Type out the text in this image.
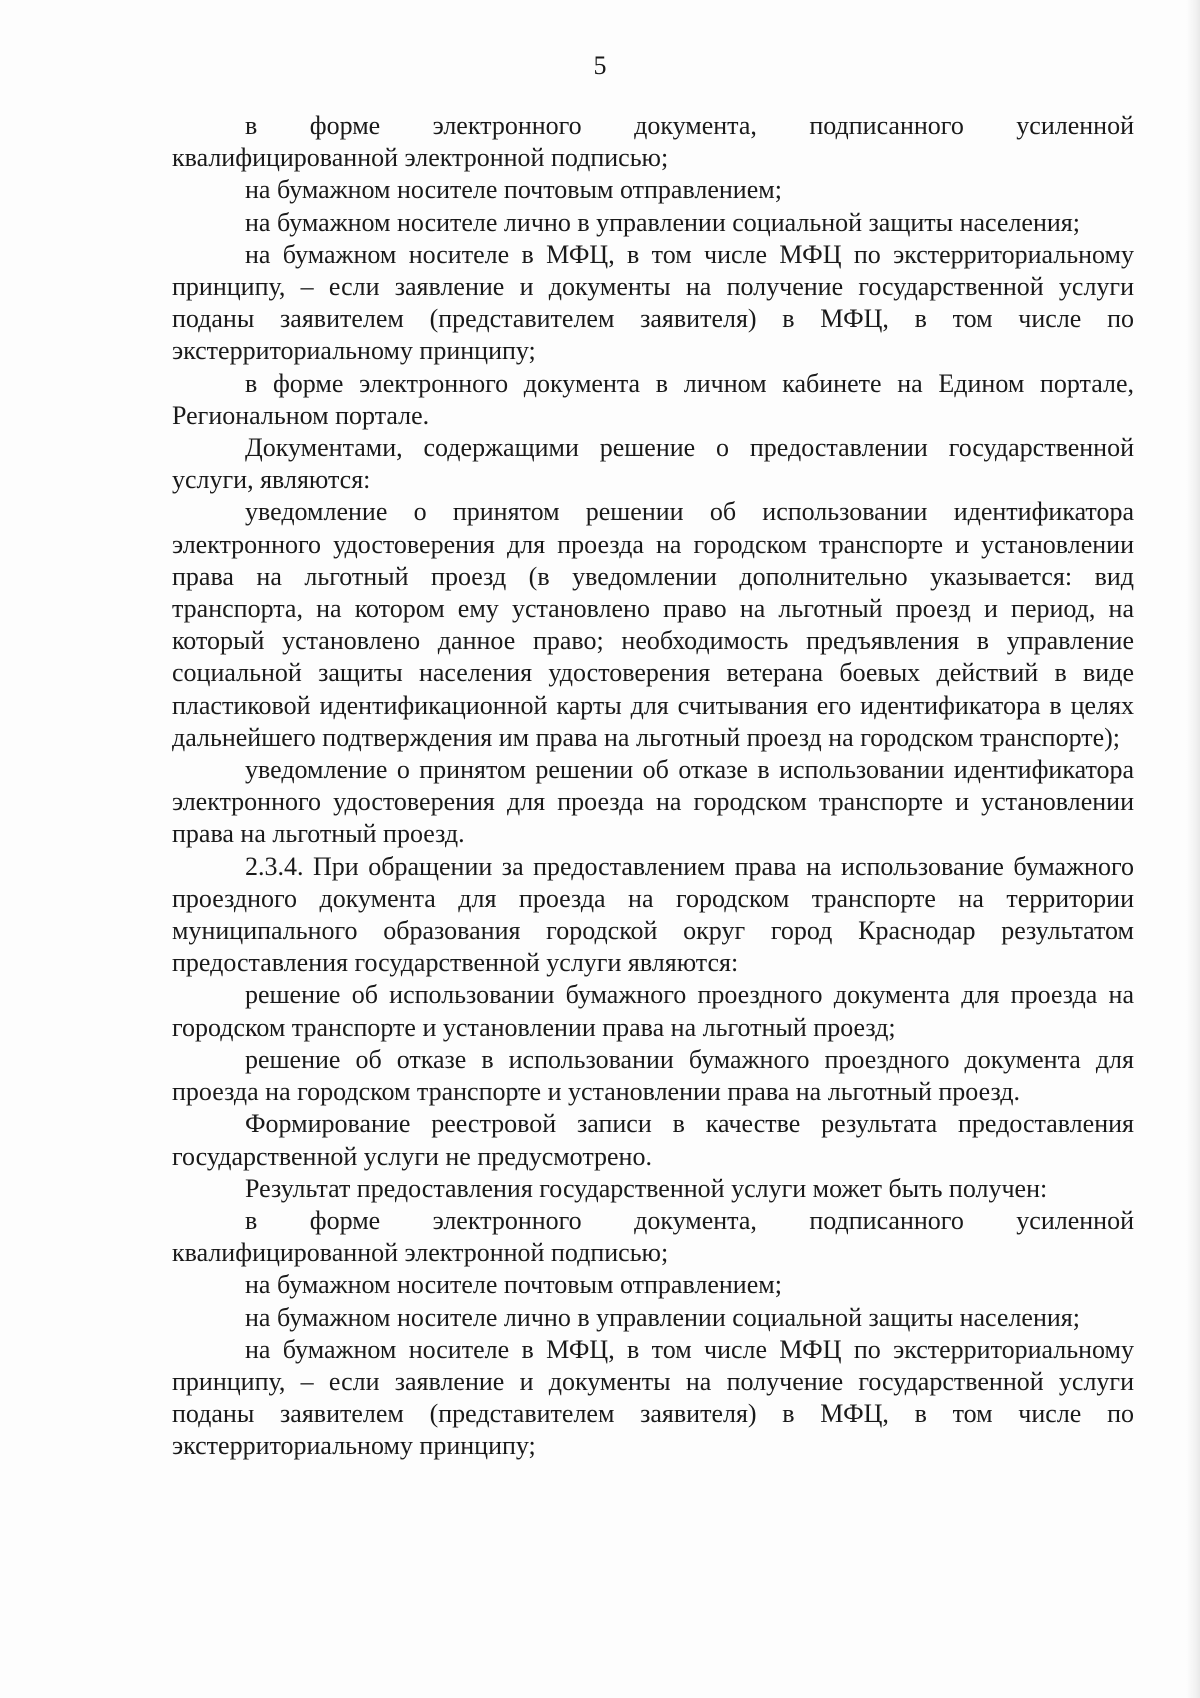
5

в форме электронного документа, подписанного усиленной квалифицированной электронной подписью;

на бумажном носителе почтовым отправлением;

на бумажном носителе лично в управлении социальной защиты населения;

на бумажном носителе в МФЦ, в том числе МФЦ по экстерриториальному принципу, – если заявление и документы на получение государственной услуги поданы заявителем (представителем заявителя) в МФЦ, в том числе по экстерриториальному принципу;

в форме электронного документа в личном кабинете на Едином портале, Региональном портале.

Документами, содержащими решение о предоставлении государственной услуги, являются:

уведомление о принятом решении об использовании идентификатора электронного удостоверения для проезда на городском транспорте и установлении права на льготный проезд (в уведомлении дополнительно указывается: вид транспорта, на котором ему установлено право на льготный проезд и период, на который установлено данное право; необходимость предъявления в управление социальной защиты населения удостоверения ветерана боевых действий в виде пластиковой идентификационной карты для считывания его идентификатора в целях дальнейшего подтверждения им права на льготный проезд на городском транспорте);

уведомление о принятом решении об отказе в использовании идентификатора электронного удостоверения для проезда на городском транспорте и установлении права на льготный проезд.

2.3.4. При обращении за предоставлением права на использование бумажного проездного документа для проезда на городском транспорте на территории муниципального образования городской округ город Краснодар результатом предоставления государственной услуги являются:

решение об использовании бумажного проездного документа для проезда на городском транспорте и установлении права на льготный проезд;

решение об отказе в использовании бумажного проездного документа для проезда на городском транспорте и установлении права на льготный проезд.

Формирование реестровой записи в качестве результата предоставления государственной услуги не предусмотрено.

Результат предоставления государственной услуги может быть получен:

в форме электронного документа, подписанного усиленной квалифицированной электронной подписью;

на бумажном носителе почтовым отправлением;

на бумажном носителе лично в управлении социальной защиты населения;

на бумажном носителе в МФЦ, в том числе МФЦ по экстерриториальному принципу, – если заявление и документы на получение государственной услуги поданы заявителем (представителем заявителя) в МФЦ, в том числе по экстерриториальному принципу;
